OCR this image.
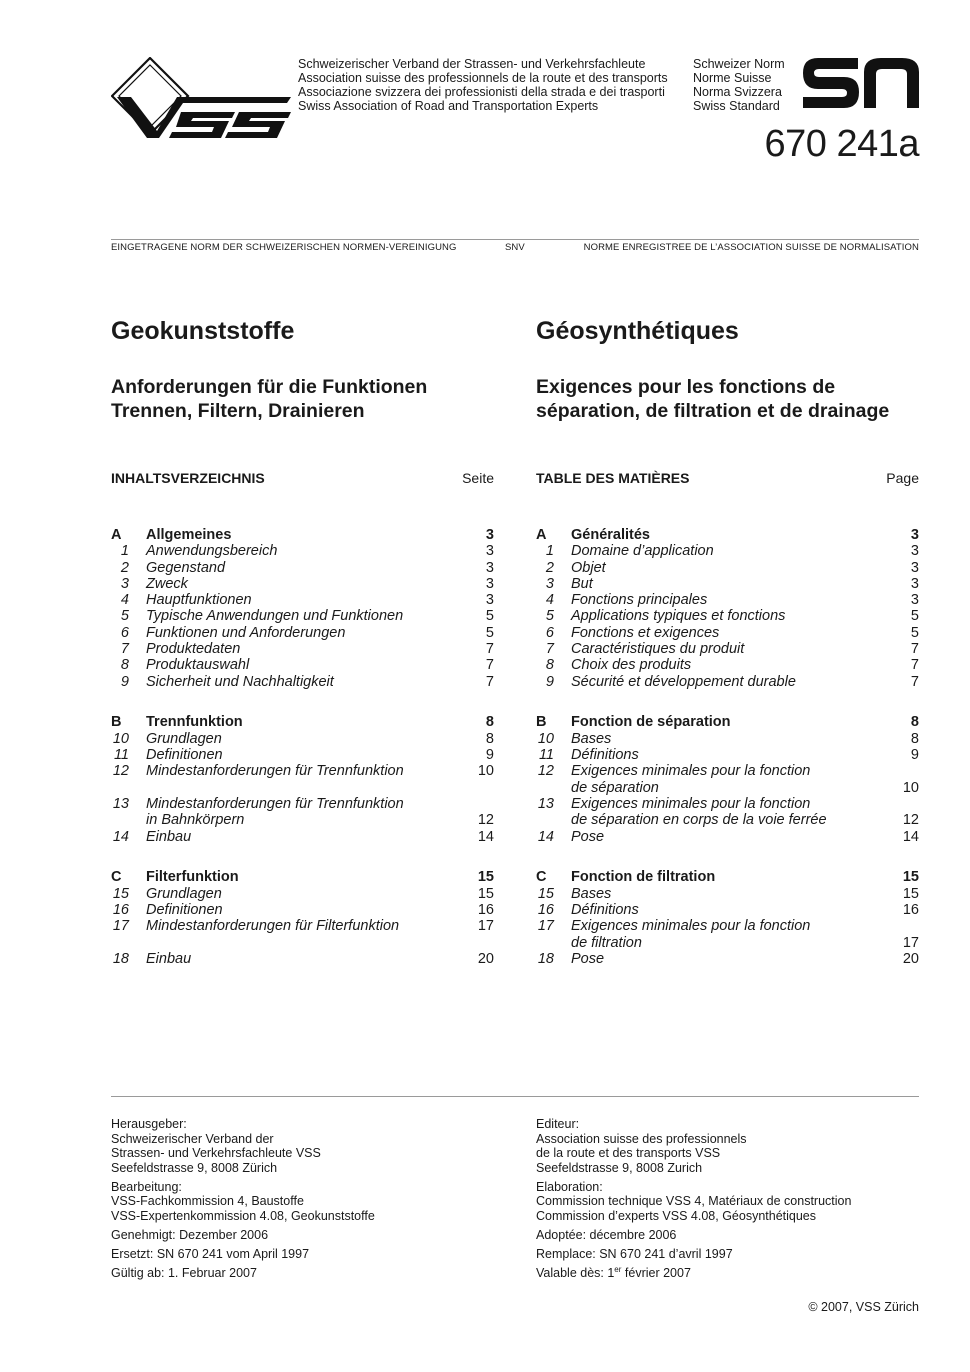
Schweizerischer Verband der Strassen- und Verkehrsfachleute
Association suisse des professionnels de la route et des transports
Associazione svizzera dei professionisti della strada e dei trasporti
Swiss Association of Road and Transportation Experts
Schweizer Norm
Norme Suisse
Norma Svizzera
Swiss Standard
670 241a
EINGETRAGENE NORM DER SCHWEIZERISCHEN NORMEN-VEREINIGUNG	SNV	NORME ENREGISTREE DE L’ASSOCIATION SUISSE DE NORMALISATION
Geokunststoffe	Géosynthétiques
Anforderungen für die Funktionen
Trennen, Filtern, Drainieren
Exigences pour les fonctions de
séparation, de filtration et de drainage
INHALTSVERZEICHNIS	Seite	TABLE DES MATIÈRES	Page
A	Allgemeines	3
1 Anwendungsbereich	3
2 Gegenstand	3
3 Zweck	3
4 Hauptfunktionen	3
5 Typische Anwendungen und Funktionen	5
6 Funktionen und Anforderungen	5
7 Produktedaten	7
8 Produktauswahl	7
9 Sicherheit und Nachhaltigkeit	7
B	Trennfunktion	8
10 Grundlagen	8
11 Definitionen	9
12 Mindestanforderungen für Trennfunktion	10
13 Mindestanforderungen für Trennfunktion
in Bahnkörpern	12
14 Einbau	14
C	Filterfunktion	15
15 Grundlagen	15
16 Definitionen	16
17 Mindestanforderungen für Filterfunktion	17
18 Einbau	20
A	Généralités	3
1 Domaine d’application	3
2 Objet	3
3 But	3
4 Fonctions principales	3
5 Applications typiques et fonctions	5
6 Fonctions et exigences	5
7 Caractéristiques du produit	7
8 Choix des produits	7
9 Sécurité et développement durable	7
B	Fonction de séparation	8
10 Bases	8
11 Définitions	9
12 Exigences minimales pour la fonction
de séparation	10
13 Exigences minimales pour la fonction
de séparation en corps de la voie ferrée	12
14 Pose	14
C	Fonction de filtration	15
15 Bases	15
16 Définitions	16
17 Exigences minimales pour la fonction
de filtration	17
18 Pose	20
Herausgeber:
Schweizerischer Verband der
Strassen- und Verkehrsfachleute VSS
Seefeldstrasse 9, 8008 Zürich
Bearbeitung:
VSS-Fachkommission 4, Baustoffe
VSS-Expertenkommission 4.08, Geokunststoffe
Genehmigt: Dezember 2006
Ersetzt: SN 670 241 vom April 1997
Gültig ab: 1. Februar 2007
Editeur:
Association suisse des professionnels
de la route et des transports VSS
Seefeldstrasse 9, 8008 Zurich
Elaboration:
Commission technique VSS 4, Matériaux de construction
Commission d’experts VSS 4.08, Géosynthétiques
Adoptée: décembre 2006
Remplace: SN 670 241 d’avril 1997
Valable dès: 1er février 2007
© 2007, VSS Zürich
